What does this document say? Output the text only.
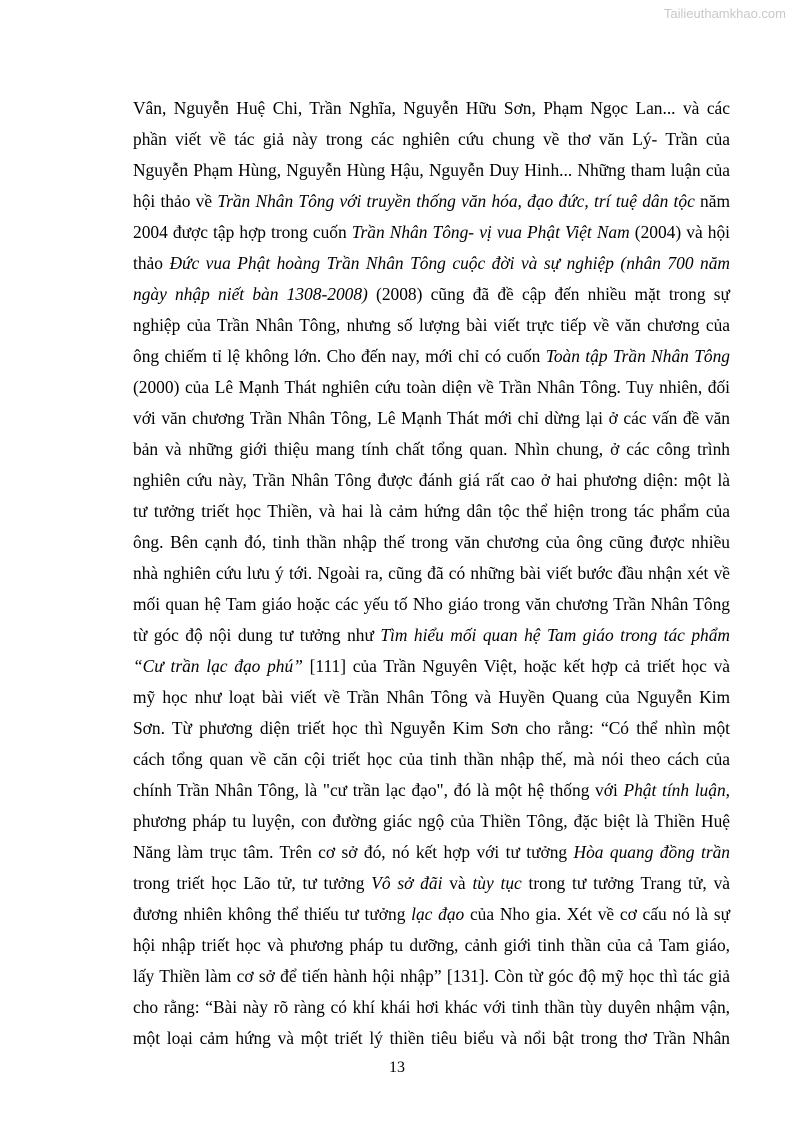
Tailieuthamkhao.com
Vân, Nguyễn Huệ Chi, Trần Nghĩa, Nguyễn Hữu Sơn, Phạm Ngọc Lan... và các
phần viết về tác giả này trong các nghiên cứu chung về thơ văn Lý- Trần của
Nguyễn Phạm Hùng, Nguyễn Hùng Hậu, Nguyễn Duy Hinh... Những tham luận của
hội thảo về Trần Nhân Tông với truyền thống văn hóa, đạo đức, trí tuệ dân tộc năm
2004 được tập hợp trong cuốn Trần Nhân Tông- vị vua Phật Việt Nam (2004) và hội
thảo Đức vua Phật hoàng Trần Nhân Tông cuộc đời và sự nghiệp (nhân 700 năm
ngày nhập niết bàn 1308-2008) (2008) cũng đã đề cập đến nhiều mặt trong sự
nghiệp của Trần Nhân Tông, nhưng số lượng bài viết trực tiếp về văn chương của
ông chiếm tỉ lệ không lớn. Cho đến nay, mới chỉ có cuốn Toàn tập Trần Nhân Tông
(2000) của Lê Mạnh Thát nghiên cứu toàn diện về Trần Nhân Tông. Tuy nhiên, đối
với văn chương Trần Nhân Tông, Lê Mạnh Thát mới chỉ dừng lại ở các vấn đề văn
bản và những giới thiệu mang tính chất tổng quan. Nhìn chung, ở các công trình
nghiên cứu này, Trần Nhân Tông được đánh giá rất cao ở hai phương diện: một là
tư tưởng triết học Thiền, và hai là cảm hứng dân tộc thể hiện trong tác phẩm của
ông. Bên cạnh đó, tinh thần nhập thế trong văn chương của ông cũng được nhiều
nhà nghiên cứu lưu ý tới. Ngoài ra, cũng đã có những bài viết bước đầu nhận xét về
mối quan hệ Tam giáo hoặc các yếu tố Nho giáo trong văn chương Trần Nhân Tông
từ góc độ nội dung tư tưởng như Tìm hiểu mối quan hệ Tam giáo trong tác phẩm
“Cư trần lạc đạo phú” [111] của Trần Nguyên Việt, hoặc kết hợp cả triết học và
mỹ học như loạt bài viết về Trần Nhân Tông và Huyền Quang của Nguyễn Kim
Sơn. Từ phương diện triết học thì Nguyễn Kim Sơn cho rằng: “Có thể nhìn một
cách tổng quan về căn cội triết học của tinh thần nhập thế, mà nói theo cách của
chính Trần Nhân Tông, là "cư trần lạc đạo", đó là một hệ thống với Phật tính luận,
phương pháp tu luyện, con đường giác ngộ của Thiền Tông, đặc biệt là Thiền Huệ
Năng làm trục tâm. Trên cơ sở đó, nó kết hợp với tư tưởng Hòa quang đồng trần
trong triết học Lão tử, tư tưởng Vô sở đãi và tùy tục trong tư tưởng Trang tử, và
đương nhiên không thể thiếu tư tưởng lạc đạo của Nho gia. Xét về cơ cấu nó là sự
hội nhập triết học và phương pháp tu dưỡng, cảnh giới tinh thần của cả Tam giáo,
lấy Thiền làm cơ sở để tiến hành hội nhập” [131]. Còn từ góc độ mỹ học thì tác giả
cho rằng: “Bài này rõ ràng có khí khái hơi khác với tinh thần tùy duyên nhậm vận,
một loại cảm hứng và một triết lý thiền tiêu biểu và nổi bật trong thơ Trần Nhân
13
